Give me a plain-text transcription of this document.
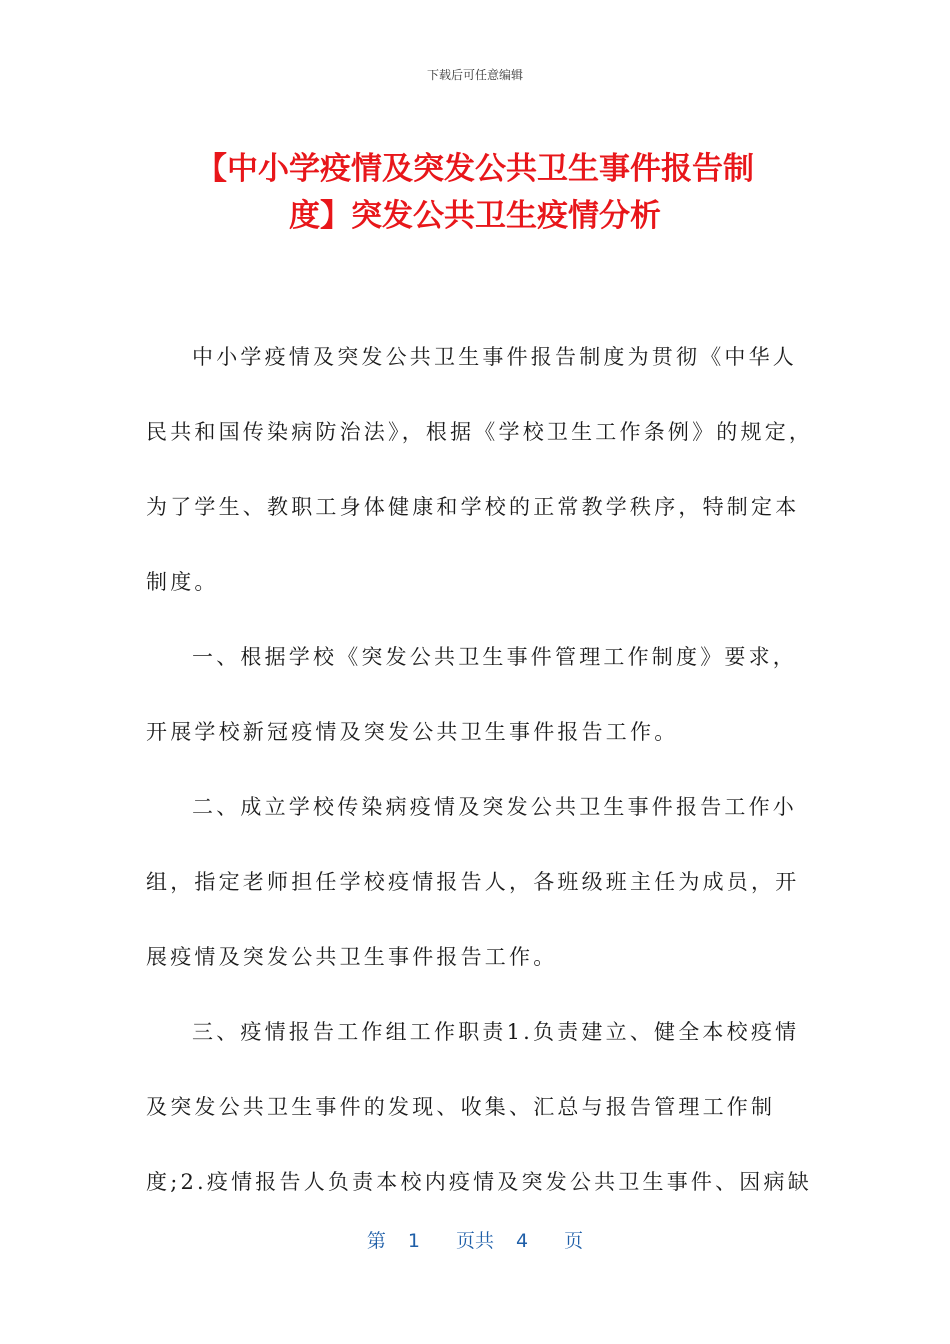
下载后可任意编辑
【中小学疫情及突发公共卫生事件报告制
度】突发公共卫生疫情分析
中小学疫情及突发公共卫生事件报告制度为贯彻《中华人
民共和国传染病防治法》，根据《学校卫生工作条例》的规定，
为了学生、教职工身体健康和学校的正常教学秩序，特制定本
制度。
一、根据学校《突发公共卫生事件管理工作制度》要求，
开展学校新冠疫情及突发公共卫生事件报告工作。
二、成立学校传染病疫情及突发公共卫生事件报告工作小
组，指定老师担任学校疫情报告人，各班级班主任为成员，开
展疫情及突发公共卫生事件报告工作。
三、疫情报告工作组工作职责1.负责建立、健全本校疫情
及突发公共卫生事件的发现、收集、汇总与报告管理工作制
度;2.疫情报告人负责本校内疫情及突发公共卫生事件、因病缺
第 1 页共 4 页
